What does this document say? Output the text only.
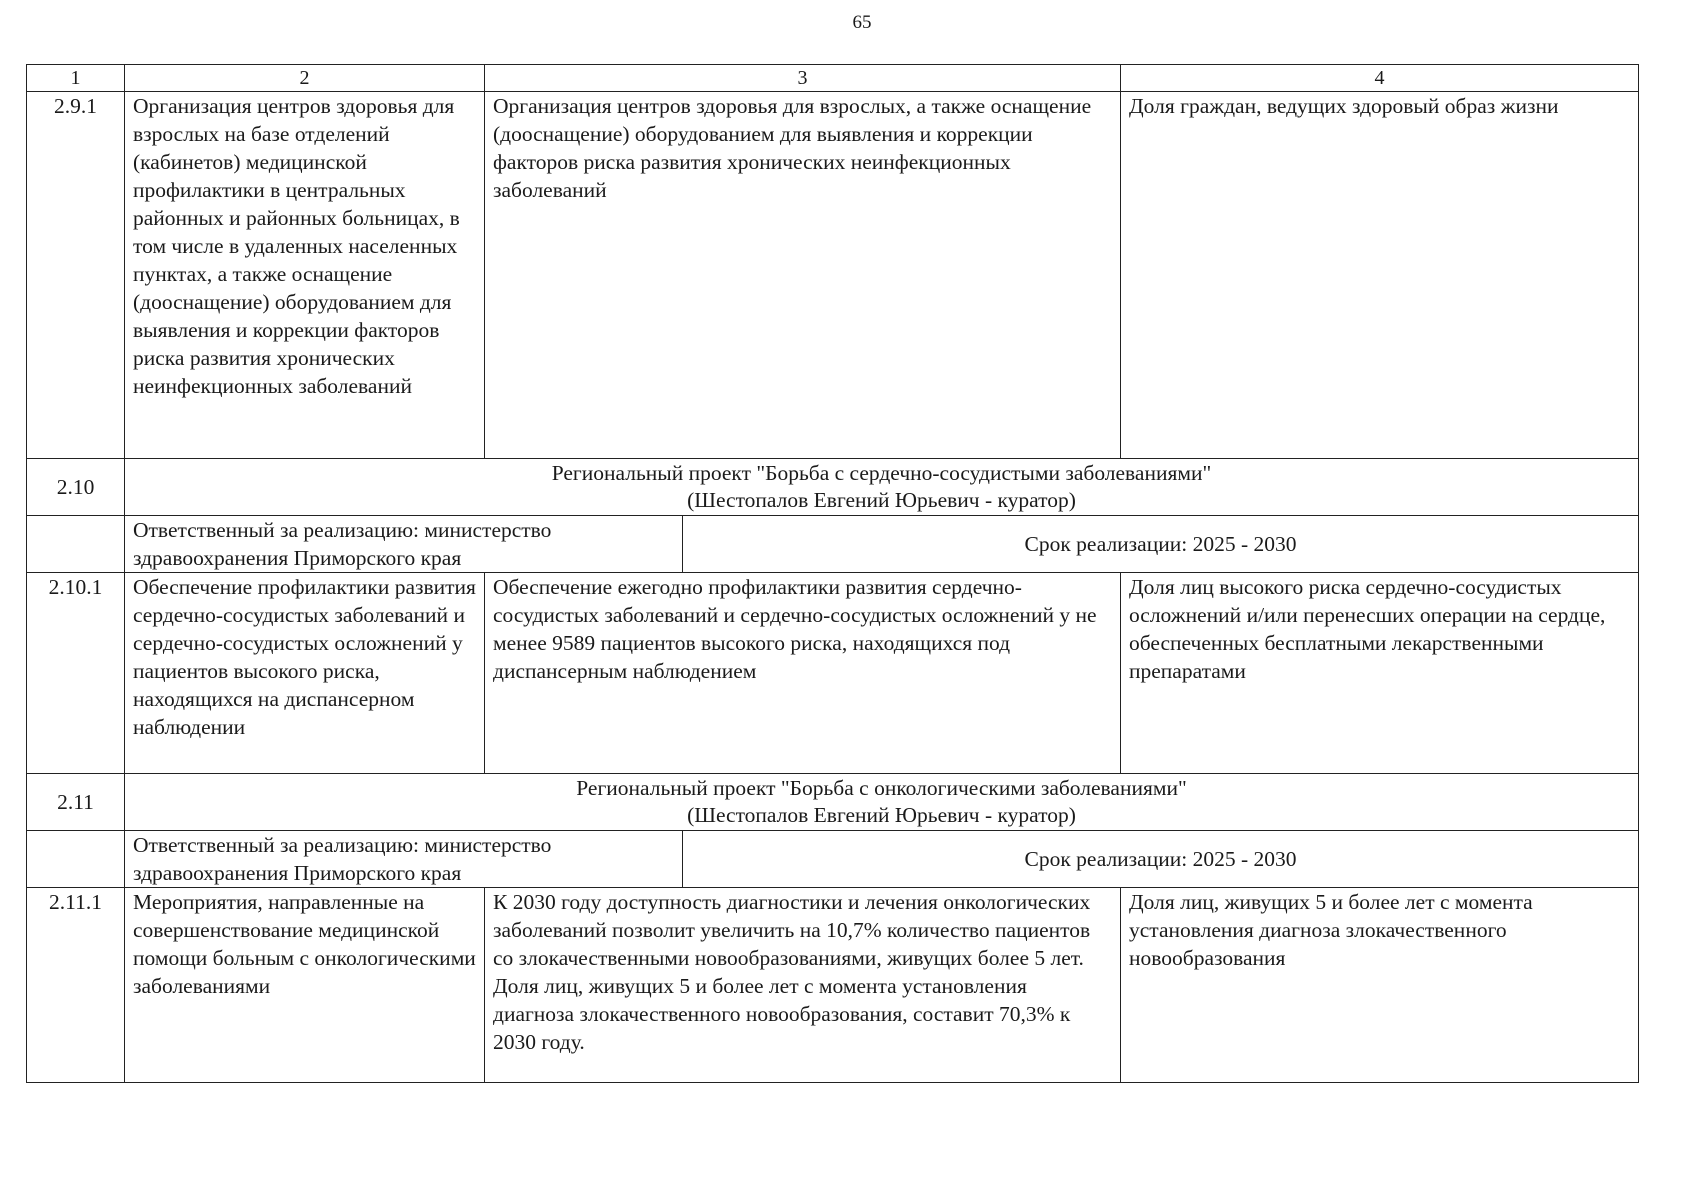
65
1	2	3		4
2.9.1	Организация центров здоровья для взрослых на базе отделений (кабинетов) медицинской профилактики в центральных районных и районных больницах, в том числе в удаленных населенных пунктах, а также оснащение (дооснащение) оборудованием для выявления и коррекции факторов риска развития хронических неинфекционных заболеваний	Организация центров здоровья для взрослых, а также оснащение (дооснащение) оборудованием для выявления и коррекции факторов риска развития хронических неинфекционных заболеваний		Доля граждан, ведущих здоровый образ жизни
2.10	Региональный проект "Борьба с сердечно-сосудистыми заболеваниями"
(Шестопалов Евгений Юрьевич - куратор)			

	Ответственный за реализацию: министерство здравоохранения Приморского края		Срок реализации: 2025 - 2030	
2.10.1	Обеспечение профилактики развития сердечно-сосудистых заболеваний и сердечно-сосудистых осложнений у пациентов высокого риска, находящихся на диспансерном наблюдении	Обеспечение ежегодно профилактики развития сердечно-сосудистых заболеваний и сердечно-сосудистых осложнений у не менее 9589 пациентов высокого риска, находящихся под диспансерным наблюдением		Доля лиц высокого риска сердечно-сосудистых осложнений и/или перенесших операции на сердце, обеспеченных бесплатными лекарственными препаратами
2.11	Региональный проект "Борьба с онкологическими заболеваниями"
(Шестопалов Евгений Юрьевич - куратор)			

	Ответственный за реализацию: министерство здравоохранения Приморского края		Срок реализации: 2025 - 2030	
2.11.1	Мероприятия, направленные на совершенствование медицинской помощи больным с онкологическими заболеваниями	К 2030 году доступность диагностики и лечения онкологических заболеваний позволит увеличить на 10,7% количество пациентов со злокачественными новообразованиями, живущих более 5 лет. Доля лиц, живущих 5 и более лет с момента установления диагноза злокачественного новообразования, составит 70,3% к 2030 году.		Доля лиц, живущих 5 и более лет с момента установления диагноза злокачественного новообразования
